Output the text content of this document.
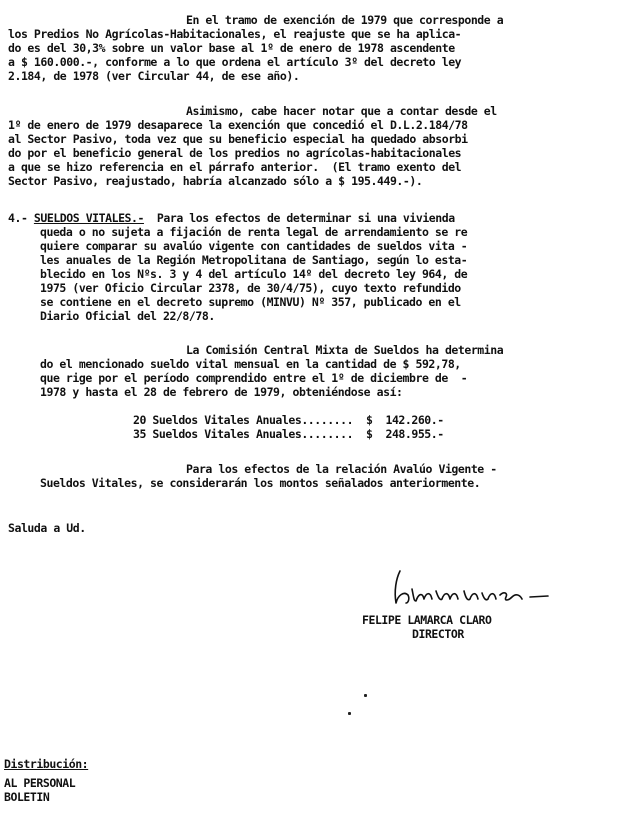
En el tramo de exención de 1979 que corresponde a
los Predios No Agrícolas-Habitacionales, el reajuste que se ha aplica-
do es del 30,3% sobre un valor base al 1º de enero de 1978 ascendente
a $ 160.000.-, conforme a lo que ordena el artículo 3º del decreto ley
2.184, de 1978 (ver Circular 44, de ese año).
Asimismo, cabe hacer notar que a contar desde el
1º de enero de 1979 desaparece la exención que concedió el D.L.2.184/78
al Sector Pasivo, toda vez que su beneficio especial ha quedado absorbi
do por el beneficio general de los predios no agrícolas-habitacionales
a que se hizo referencia en el párrafo anterior.  (El tramo exento del
Sector Pasivo, reajustado, habría alcanzado sólo a $ 195.449.-).
4.- SUELDOS VITALES.-  Para los efectos de determinar si una vivienda
queda o no sujeta a fijación de renta legal de arrendamiento se re
quiere comparar su avalúo vigente con cantidades de sueldos vita -
les anuales de la Región Metropolitana de Santiago, según lo esta-
blecido en los Nºs. 3 y 4 del artículo 14º del decreto ley 964, de
1975 (ver Oficio Circular 2378, de 30/4/75), cuyo texto refundido
se contiene en el decreto supremo (MINVU) Nº 357, publicado en el
Diario Oficial del 22/8/78.
La Comisión Central Mixta de Sueldos ha determina
do el mencionado sueldo vital mensual en la cantidad de $ 592,78,
que rige por el período comprendido entre el 1º de diciembre de  -
1978 y hasta el 28 de febrero de 1979, obteniéndose así:
20 Sueldos Vitales Anuales........  $  142.260.-
35 Sueldos Vitales Anuales........  $  248.955.-
Para los efectos de la relación Avalúo Vigente -
Sueldos Vitales, se considerarán los montos señalados anteriormente.
Saluda a Ud.
FELIPE LAMARCA CLARO
DIRECTOR
Distribución:
AL PERSONAL
BOLETIN
